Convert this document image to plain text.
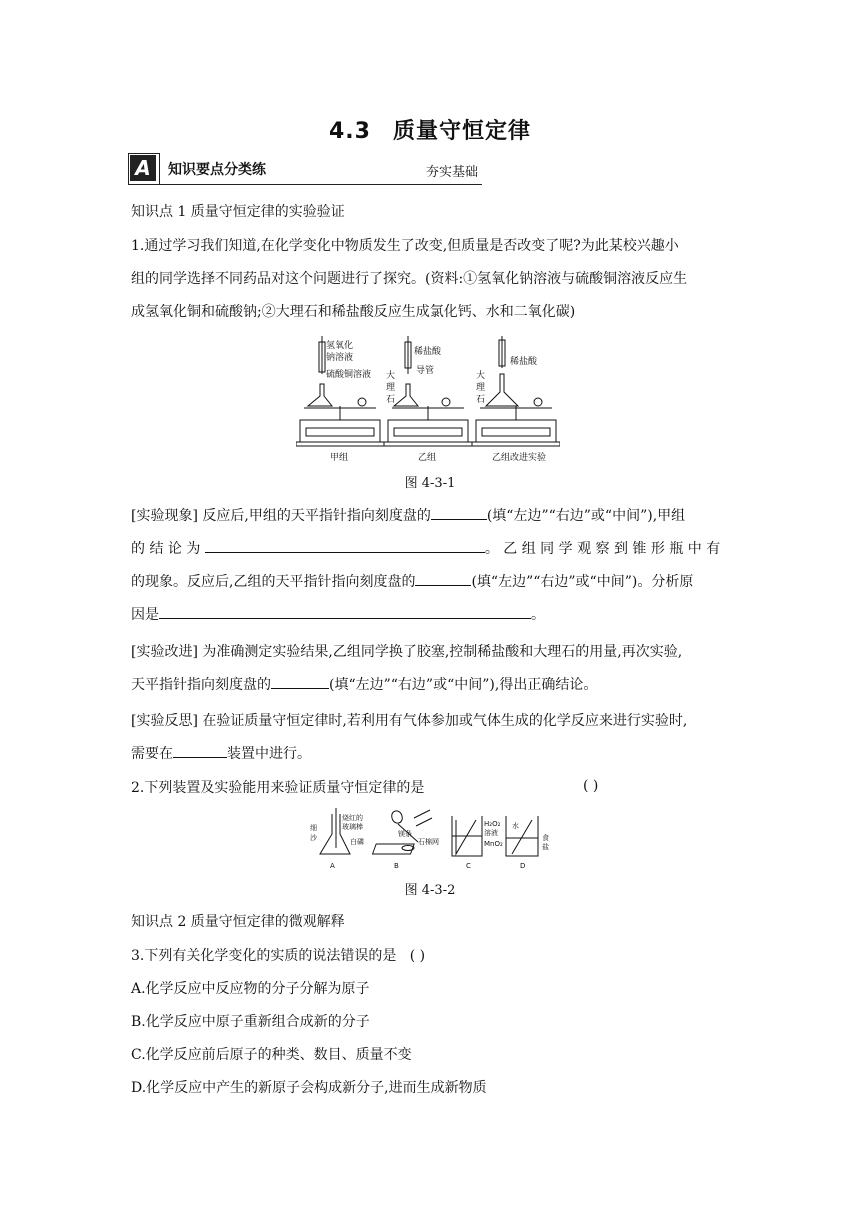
4.3 质量守恒定律
A	知识要点分类练	夯实基础
知识点 1 质量守恒定律的实验验证
1.通过学习我们知道,在化学变化中物质发生了改变,但质量是否改变了呢?为此某校兴趣小
组的同学选择不同药品对这个问题进行了探究。(资料:①氢氧化钠溶液与硫酸铜溶液反应生
成氢氧化铜和硫酸钠;②大理石和稀盐酸反应生成氯化钙、水和二氧化碳)
氢氧化
钠溶液
硫酸铜溶液
稀盐酸
导管
大
理
石
稀盐酸
大
理
石
甲组	乙组	乙组改进实验
图 4-3-1
[实验现象] 反应后,甲组的天平指针指向刻度盘的	(填“左边”“右边”或“中间”),甲组
的 结 论 为	。 乙 组 同 学 观 察 到 锥 形 瓶 中 有
的现象。反应后,乙组的天平指针指向刻度盘的	(填“左边”“右边”或“中间”)。分析原
因是	。
[实验改进] 为准确测定实验结果,乙组同学换了胶塞,控制稀盐酸和大理石的用量,再次实验,
天平指针指向刻度盘的	(填“左边”“右边”或“中间”),得出正确结论。
[实验反思] 在验证质量守恒定律时,若利用有气体参加或气体生成的化学反应来进行实验时,
需要在	装置中进行。
2.下列装置及实验能用来验证质量守恒定律的是	( )
细
沙
烧红的
玻璃棒
白磷
镁条
石棉网
H₂O₂
溶液
MnO₂
水
食
盐
A	B	C	D
图 4-3-2
知识点 2 质量守恒定律的微观解释
3.下列有关化学变化的实质的说法错误的是 ( )
A.化学反应中反应物的分子分解为原子
B.化学反应中原子重新组合成新的分子
C.化学反应前后原子的种类、数目、质量不变
D.化学反应中产生的新原子会构成新分子,进而生成新物质
